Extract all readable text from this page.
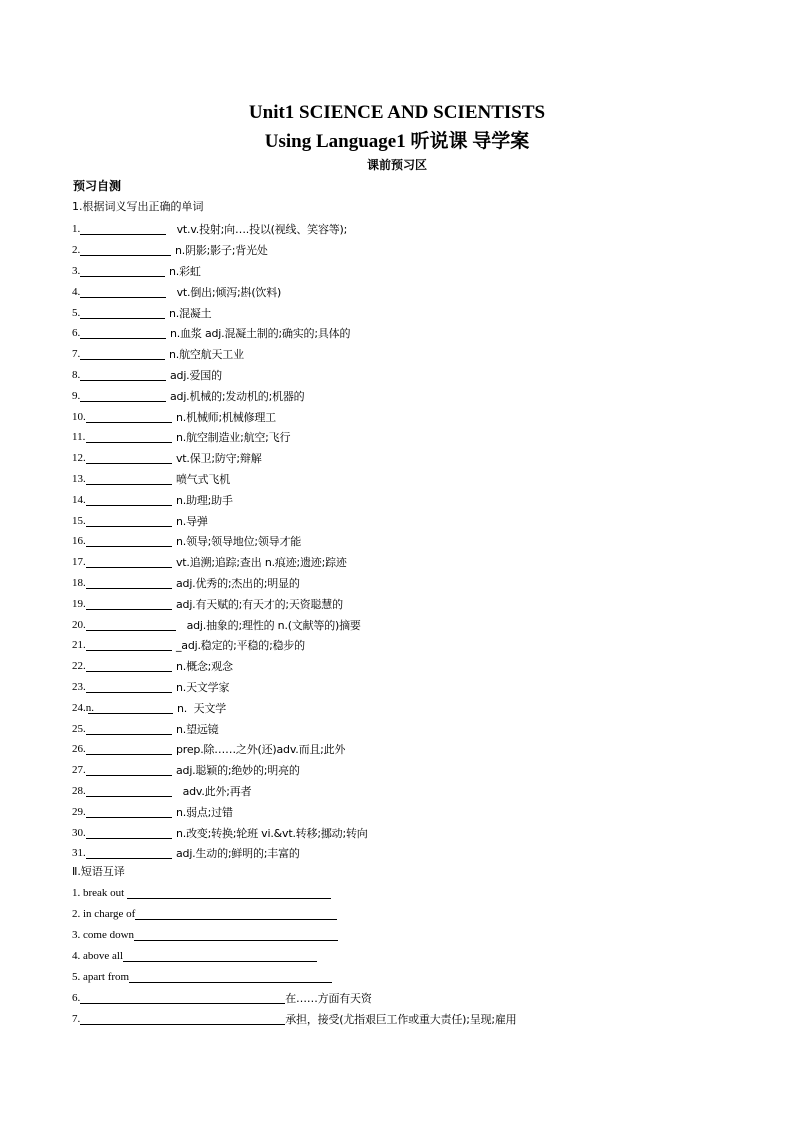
Unit1 SCIENCE AND SCIENTISTS
Using Language1 听说课 导学案
课前预习区
预习自测
1.根据词义写出正确的单词
1.	vt.v.投射;向….投以(视线、笑容等);
2.	n.阴影;影子;背光处
3.	n.彩虹
4.	vt.倒出;倾泻;斟(饮料)
5.	n.混凝土
6.	n.血浆 adj.混凝土制的;确实的;具体的
7.	n.航空航天工业
8.	adj.爱国的
9.	adj.机械的;发动机的;机器的
10.	n.机械师;机械修理工
11.	n.航空制造业;航空;飞行
12.	vt.保卫;防守;辩解
13.	喷气式飞机
14.	n.助理;助手
15.	n.导弹
16.	n.领导;领导地位;领导才能
17.	vt.追溯;追踪;查出 n.痕迹;遗迹;踪迹
18.	adj.优秀的;杰出的;明显的
19.	adj.有天赋的;有天才的;天资聪慧的
20.	adj.抽象的;理性的 n.(文献等的)摘要
21.	_adj.稳定的;平稳的;稳步的
22.	n.概念;观念
23.	n.天文学家
24.n.	n.  天文学
25.	n.望远镜
26.	prep.除……之外(还)adv.而且;此外
27.	adj.聪颖的;绝妙的;明亮的
28.	adv.此外;再者
29.	n.弱点;过错
30.	n.改变;转换;轮班 vi.&vt.转移;挪动;转向
31.	adj.生动的;鲜明的;丰富的
Ⅱ.短语互译
1. break out
2. in charge of
3. come down
4. above all
5. apart from
6.	在……方面有天资
7.	承担，接受(尤指艰巨工作或重大责任);呈现;雇用
